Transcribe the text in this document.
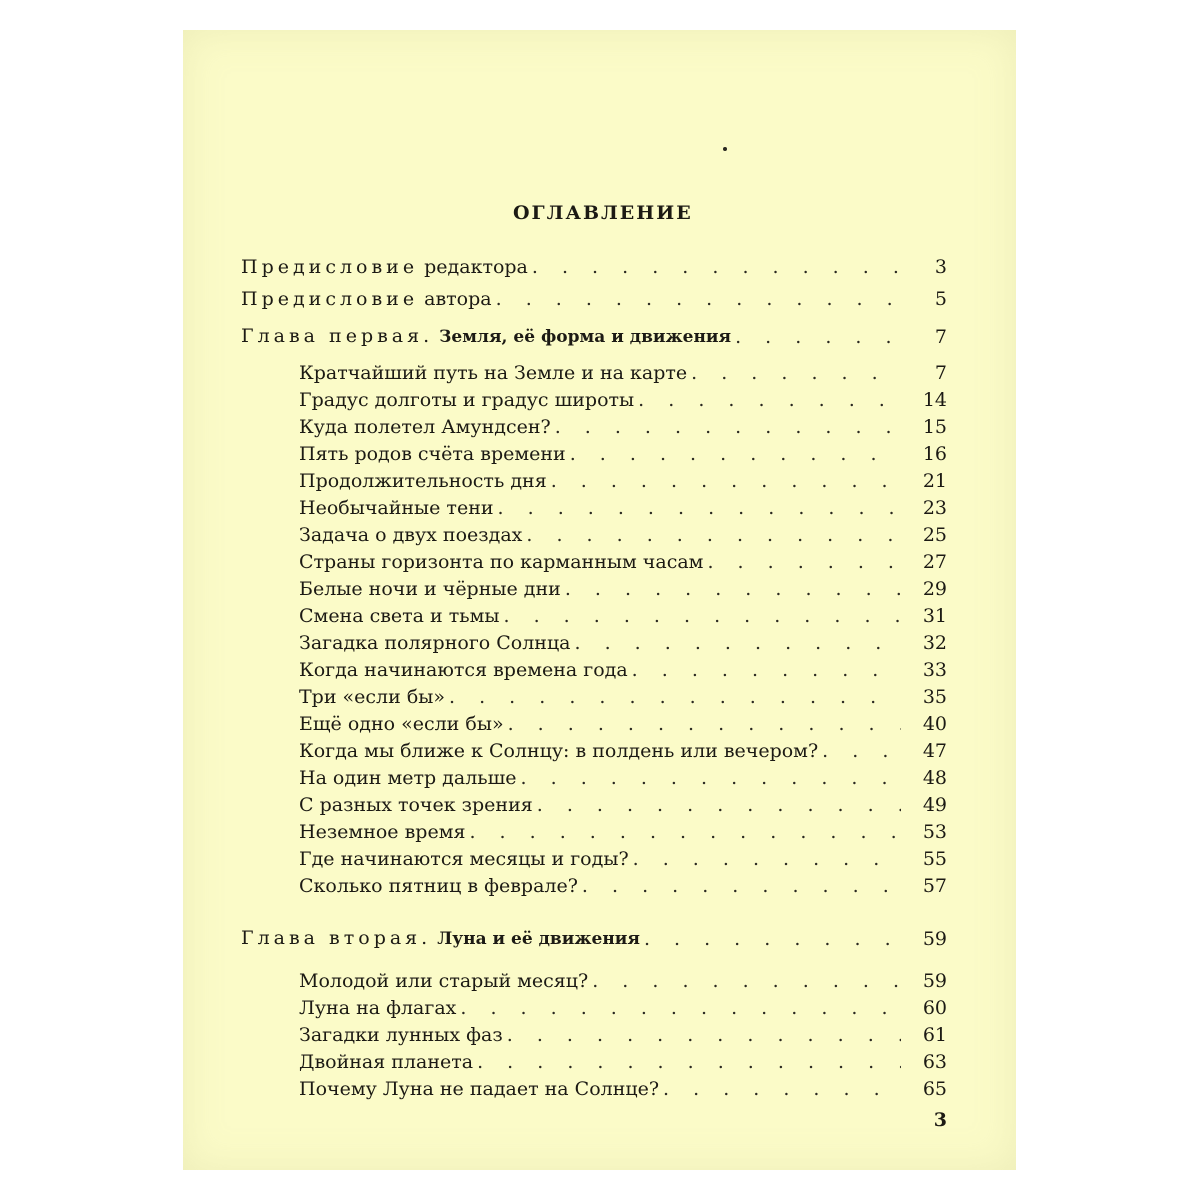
ОГЛАВЛЕНИЕ
Предисловие редактора . . .	3
Предисловие автора . . .	5
Глава первая. Земля, её форма и движения . . .	7
Кратчайший путь на Земле и на карте . . .	7
Градус долготы и градус широты . . .	14
Куда полетел Амундсен? . . .	15
Пять родов счёта времени . . .	16
Продолжительность дня . . .	21
Необычайные тени . . .	23
Задача о двух поездах . . .	25
Страны горизонта по карманным часам . . .	27
Белые ночи и чёрные дни . . .	29
Смена света и тьмы . . .	31
Загадка полярного Солнца . . .	32
Когда начинаются времена года . . .	33
Три «если бы» . . .	35
Ещё одно «если бы» . . .	40
Когда мы ближе к Солнцу: в полдень или вечером? . . .	47
На один метр дальше . . .	48
С разных точек зрения . . .	49
Неземное время . . .	53
Где начинаются месяцы и годы? . . .	55
Сколько пятниц в феврале? . . .	57
Глава вторая. Луна и её движения . . .	59
Молодой или старый месяц? . . .	59
Луна на флагах . . .	60
Загадки лунных фаз . . .	61
Двойная планета . . .	63
Почему Луна не падает на Солнце? . . .	65
3
